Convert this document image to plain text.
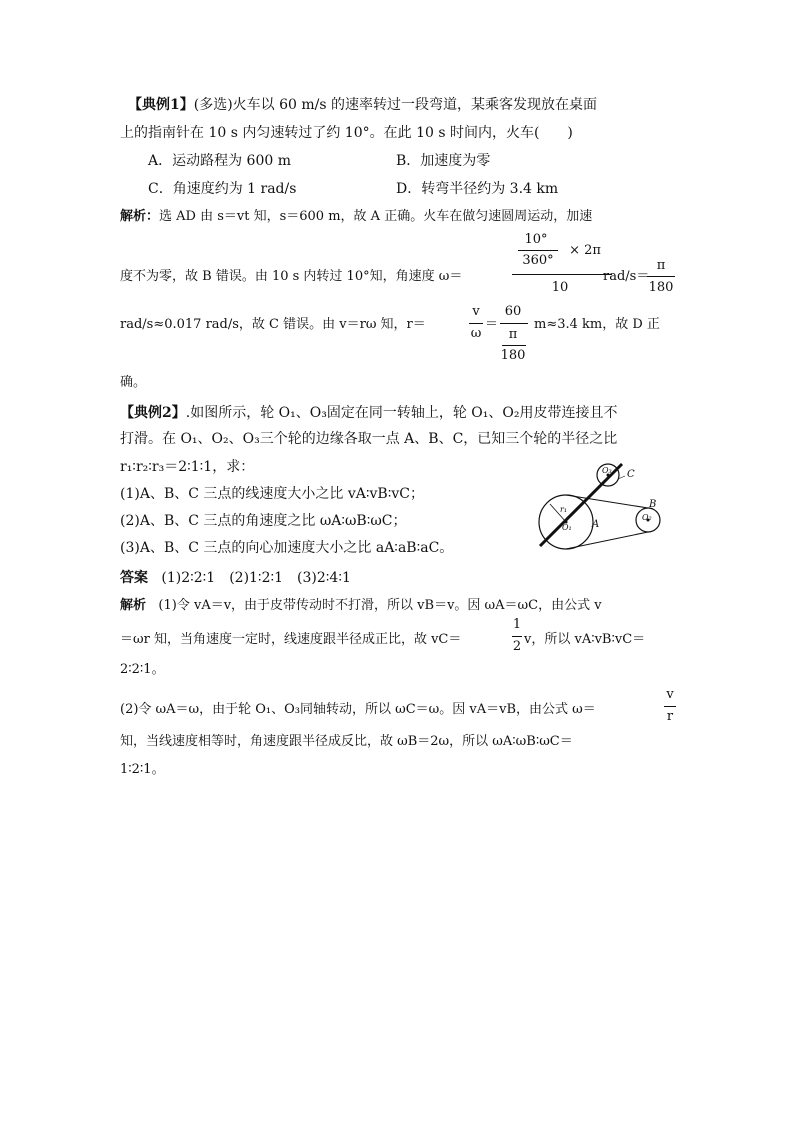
【典例1】(多选)火车以 60 m/s 的速率转过一段弯道，某乘客发现放在桌面
上的指南针在 10 s 内匀速转过了约 10°。在此 10 s 时间内，火车(　　)
A．运动路程为 600 m	B．加速度为零
C．角速度约为 1 rad/s	D．转弯半径约为 3.4 km
解析：选 AD 由 s＝vt 知，s＝600 m，故 A 正确。火车在做匀速圆周运动，加速
度不为零，故 B 错误。由 10 s 内转过 10°知，角速度 ω＝
10°
360°
× 2π
10
rad/s＝
π
180
rad/s≈0.017 rad/s，故 C 错误。由 v＝rω 知，r＝
v
ω
＝
60
π
180
m≈3.4 km，故 D 正
确。
【典例2】.如图所示，轮 O₁、O₃固定在同一转轴上，轮 O₁、O₂用皮带连接且不
打滑。在 O₁、O₂、O₃三个轮的边缘各取一点 A、B、C，已知三个轮的半径之比
r₁∶r₂∶r₃＝2∶1∶1，求：
(1)A、B、C 三点的线速度大小之比 vA∶vB∶vC；
(2)A、B、C 三点的角速度之比 ωA∶ωB∶ωC；
(3)A、B、C 三点的向心加速度大小之比 aA∶aB∶aC。
C
B
A
O₁
O₂
O₃
r₁
答案 (1)2∶2∶1　(2)1∶2∶1　(3)2∶4∶1
解析 (1)令 vA＝v，由于皮带传动时不打滑，所以 vB＝v。因 ωA＝ωC，由公式 v
＝ωr 知，当角速度一定时，线速度跟半径成正比，故 vC＝
1
2 v，所以 vA∶vB∶vC＝
2∶2∶1。
(2)令 ωA＝ω，由于轮 O₁、O₃同轴转动，所以 ωC＝ω。因 vA＝vB，由公式 ω＝
v
r
知，当线速度相等时，角速度跟半径成反比，故 ωB＝2ω，所以 ωA∶ωB∶ωC＝
1∶2∶1。
